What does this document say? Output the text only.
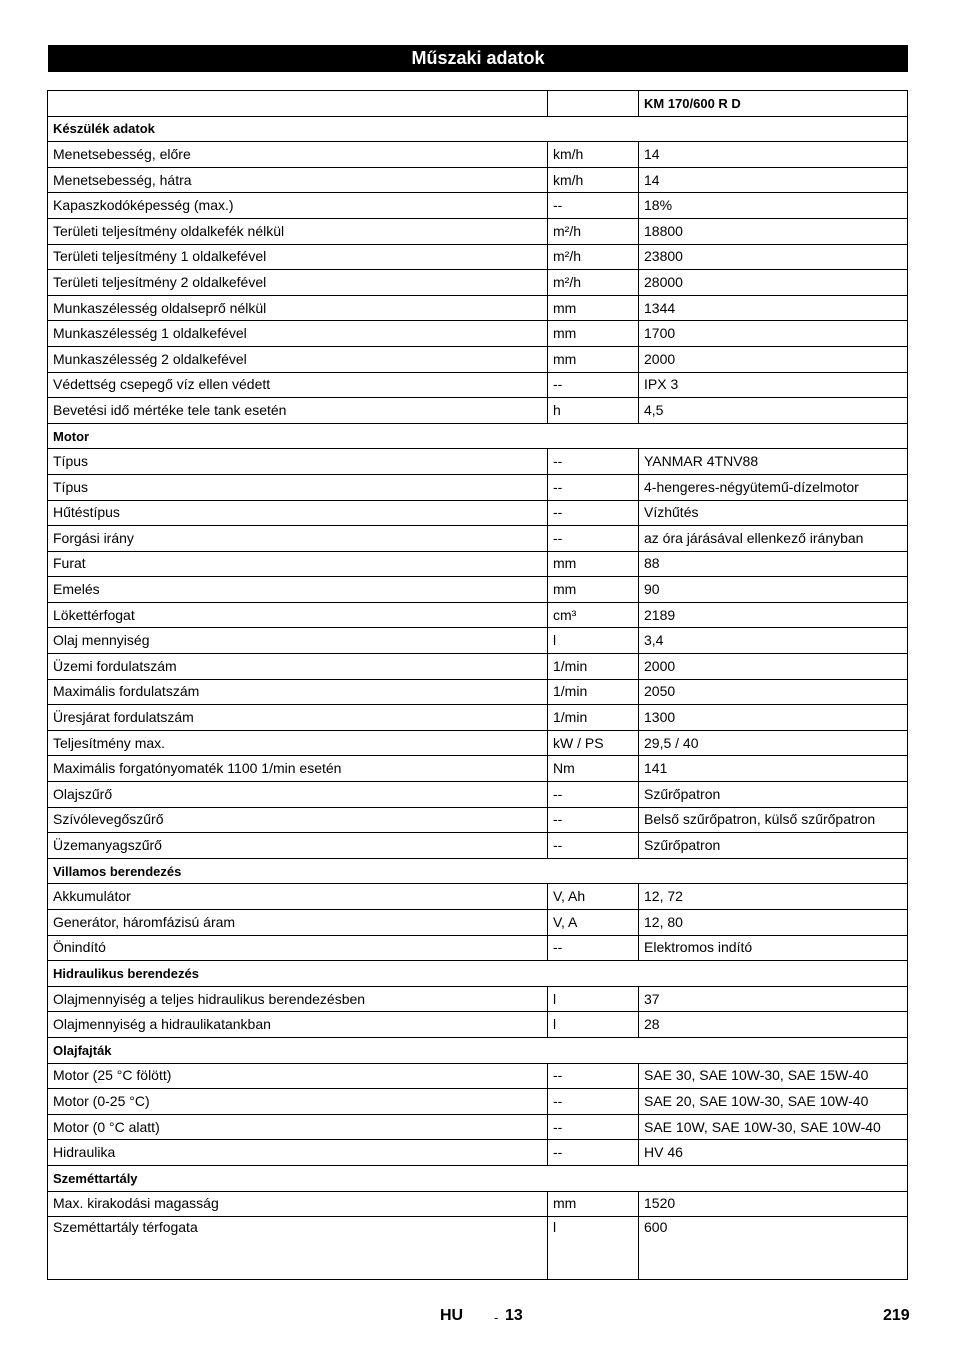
Műszaki adatok
		KM 170/600 R D
Készülék adatok		
Menetsebesség, előre	km/h	14
Menetsebesség, hátra	km/h	14
Kapaszkodóképesség (max.)	--	18%
Területi teljesítmény oldalkefék nélkül	m²/h	18800
Területi teljesítmény 1 oldalkefével	m²/h	23800
Területi teljesítmény 2 oldalkefével	m²/h	28000
Munkaszélesség oldalseprő nélkül	mm	1344
Munkaszélesség 1 oldalkefével	mm	1700
Munkaszélesség 2 oldalkefével	mm	2000
Védettség csepegő víz ellen védett	--	IPX 3
Bevetési idő mértéke tele tank esetén	h	4,5
Motor		
Típus	--	YANMAR 4TNV88
Típus	--	4-hengeres-négyütemű-dízelmotor
Hűtéstípus	--	Vízhűtés
Forgási irány	--	az óra járásával ellenkező irányban
Furat	mm	88
Emelés	mm	90
Lökettérfogat	cm³	2189
Olaj mennyiség	l	3,4
Üzemi fordulatszám	1/min	2000
Maximális fordulatszám	1/min	2050
Üresjárat fordulatszám	1/min	1300
Teljesítmény max.	kW / PS	29,5 / 40
Maximális forgatónyomaték 1100 1/min esetén	Nm	141
Olajszűrő	--	Szűrőpatron
Szívólevegőszűrő	--	Belső szűrőpatron, külső szűrőpatron
Üzemanyagszűrő	--	Szűrőpatron
Villamos berendezés		
Akkumulátor	V, Ah	12, 72
Generátor, háromfázisú áram	V, A	12, 80
Önindító	--	Elektromos indító
Hidraulikus berendezés		
Olajmennyiség a teljes hidraulikus berendezésben	l	37
Olajmennyiség a hidraulikatankban	l	28
Olajfajták		
Motor (25 °C fölött)	--	SAE 30, SAE 10W-30, SAE 15W-40
Motor (0-25 °C)	--	SAE 20, SAE 10W-30, SAE 10W-40
Motor (0 °C alatt)	--	SAE 10W, SAE 10W-30, SAE 10W-40
Hidraulika	--	HV 46
Szeméttartály		
Max. kirakodási magasság	mm	1520
Szeméttartály térfogata	l	600
HU - 13	219
